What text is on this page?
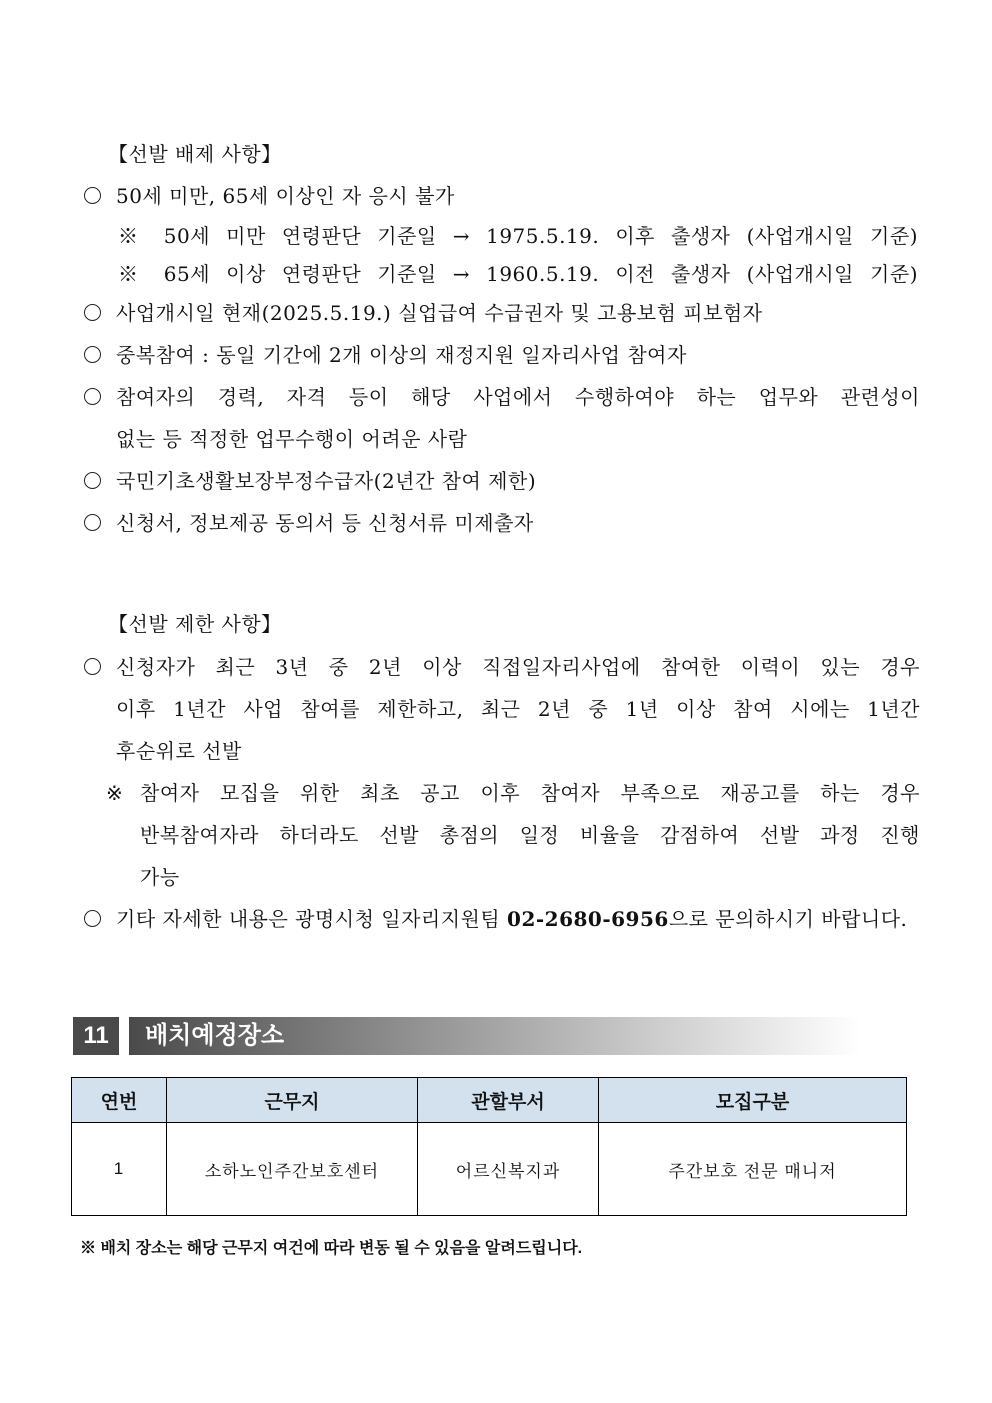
【선발 배제 사항】
50세 미만, 65세 이상인 자 응시 불가
※ 50세 미만 연령판단 기준일 → 1975.5.19. 이후 출생자 (사업개시일 기준)
※ 65세 이상 연령판단 기준일 → 1960.5.19. 이전 출생자 (사업개시일 기준)
사업개시일 현재(2025.5.19.) 실업급여 수급권자 및 고용보험 피보험자
중복참여 : 동일 기간에 2개 이상의 재정지원 일자리사업 참여자
참여자의 경력, 자격 등이 해당 사업에서 수행하여야 하는 업무와 관련성이
없는 등 적정한 업무수행이 어려운 사람
국민기초생활보장부정수급자(2년간 참여 제한)
신청서, 정보제공 동의서 등 신청서류 미제출자
【선발 제한 사항】
신청자가 최근 3년 중 2년 이상 직접일자리사업에 참여한 이력이 있는 경우
이후 1년간 사업 참여를 제한하고, 최근 2년 중 1년 이상 참여 시에는 1년간
후순위로 선발
※ 참여자 모집을 위한 최초 공고 이후 참여자 부족으로 재공고를 하는 경우
반복참여자라 하더라도 선발 총점의 일정 비율을 감점하여 선발 과정 진행
가능
기타 자세한 내용은 광명시청 일자리지원팀 02-2680-6956으로 문의하시기 바랍니다.
11	배치예정장소
연번	근무지	관할부서	모집구분
1	소하노인주간보호센터	어르신복지과	주간보호 전문 매니저
※ 배치 장소는 해당 근무지 여건에 따라 변동 될 수 있음을 알려드립니다.
